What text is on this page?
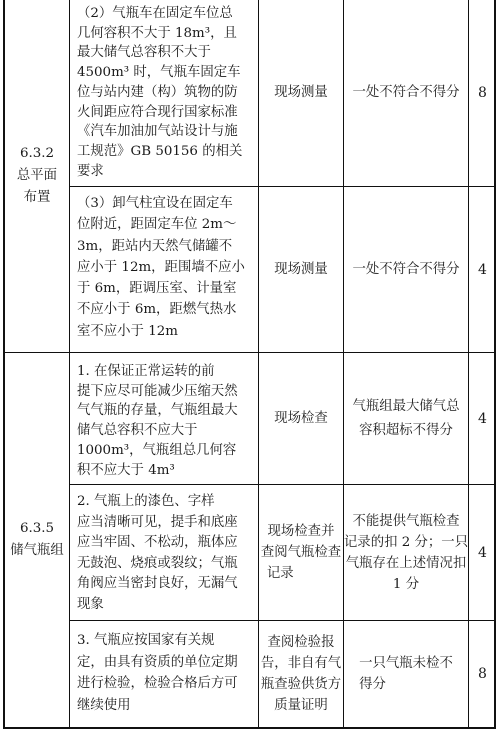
6.3.2
总平面
布置
（2）气瓶车在固定车位总
几何容积不大于 18m³，且
最大储气总容积不大于
4500m³ 时，气瓶车固定车
位与站内建（构）筑物的防
火间距应符合现行国家标准
《汽车加油加气站设计与施
工规范》GB 50156 的相关
要求
现场测量 一处不符合不得分 8
（3）卸气柱宜设在固定车
位附近，距固定车位 2m～
3m，距站内天然气储罐不
应小于 12m，距围墙不应小
于 6m，距调压室、计量室
不应小于 6m，距燃气热水
室不应小于 12m
现场测量 一处不符合不得分 4
6.3.5
储气瓶组
1. 在保证正常运转的前
提下应尽可能减少压缩天然
气气瓶的存量，气瓶组最大
储气总容积不应大于
1000m³，气瓶组总几何容
积不应大于 4m³
现场检查
气瓶组最大储气总
容积超标不得分
4
2. 气瓶上的漆色、字样
应当清晰可见，提手和底座
应当牢固、不松动，瓶体应
无鼓泡、烧痕或裂纹；气瓶
角阀应当密封良好，无漏气
现象
现场检查并
查阅气瓶检查
记录
不能提供气瓶检查
记录的扣 2 分；一只
气瓶存在上述情况扣
1 分
4
3. 气瓶应按国家有关规
定，由具有资质的单位定期
进行检验，检验合格后方可
继续使用
查阅检验报
告，非自有气
瓶查验供货方
质量证明
一只气瓶未检不
得分
8
